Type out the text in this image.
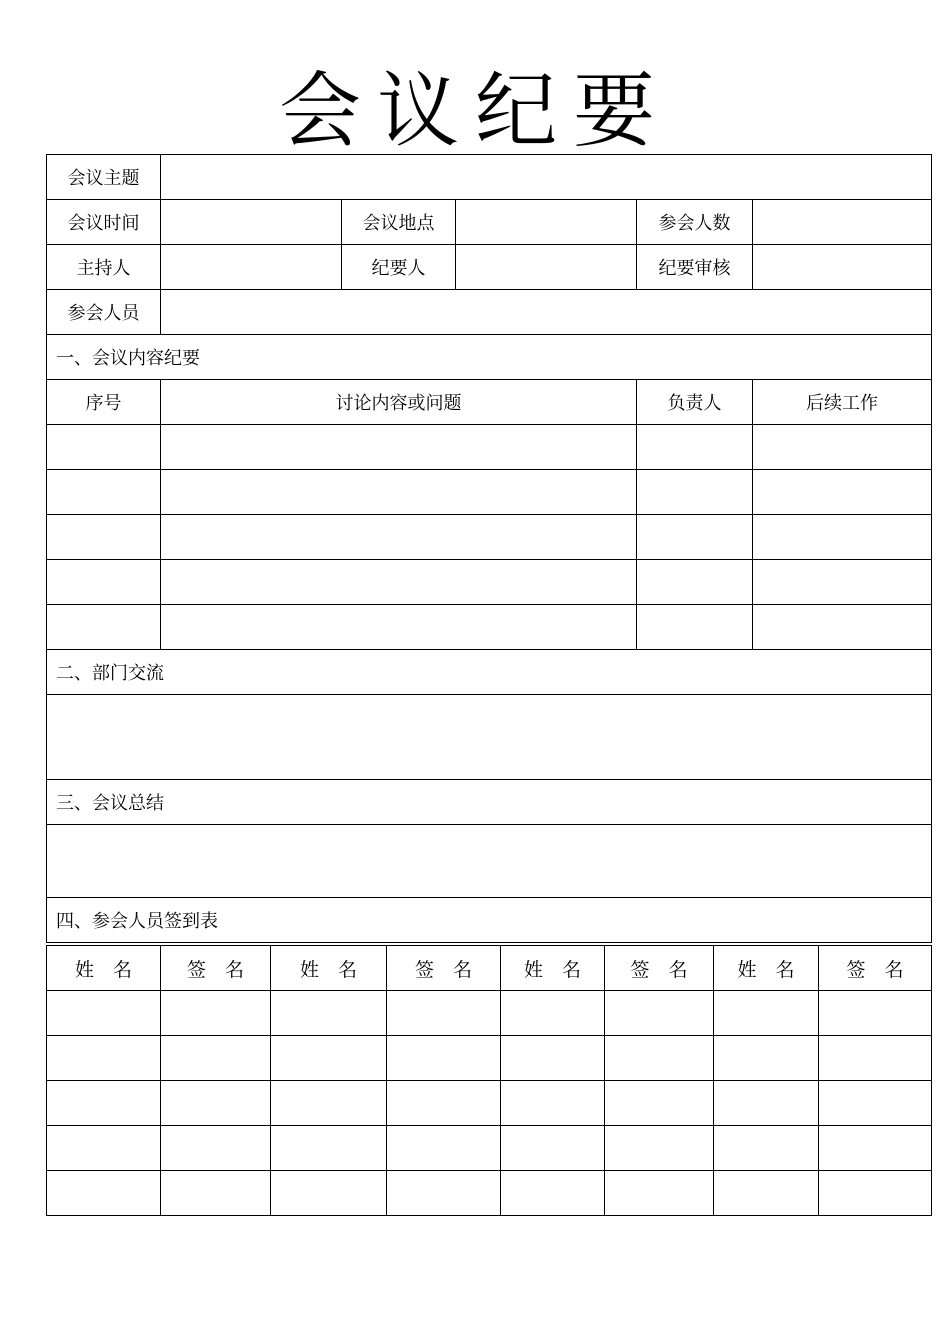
会议纪要
会议主题					
会议时间		会议地点		参会人数	
主持人		纪要人		纪要审核	
参会人员					
一、会议内容纪要					
序号	讨论内容或问题			负责人	后续工作

二、部门交流					

三、会议总结					

四、参会人员签到表					
姓　名	签　名	姓　名	签　名	姓　名	签　名	姓　名	签　名
